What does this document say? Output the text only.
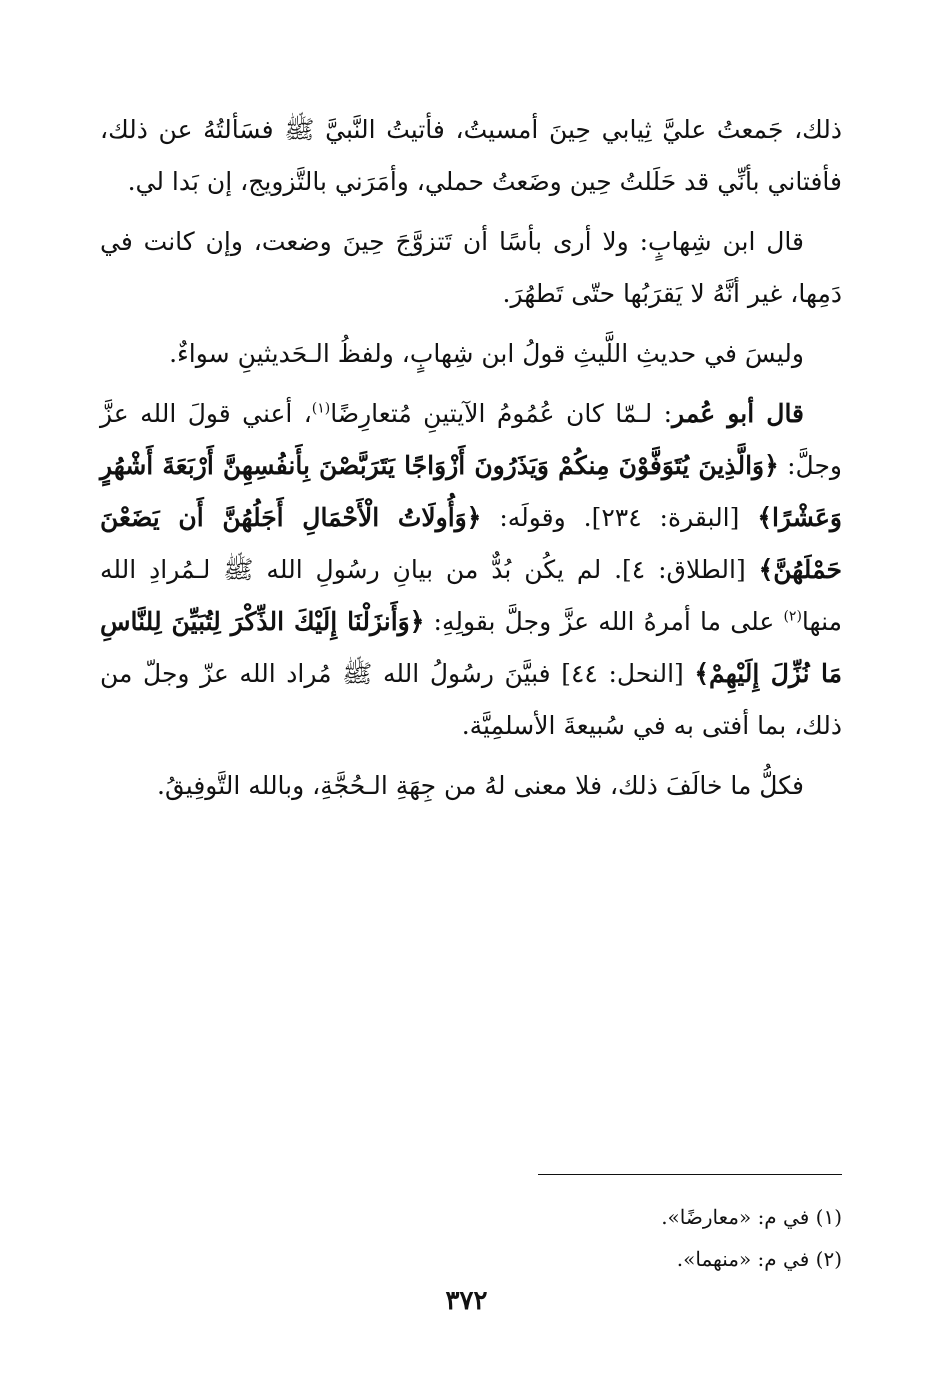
ذلك، جَمعتُ عليَّ ثِيابي حِينَ أمسيتُ، فأتيتُ النَّبيَّ ﷺ فسَألتُهُ عن ذلك، فأفتاني بأنِّي قد حَلَلتُ حِين وضَعتُ حملي، وأمَرَني بالتَّزويج، إن بَدا لي.

قال ابن شِهابٍ: ولا أرى بأسًا أن تَتزوَّجَ حِينَ وضعت، وإن كانت في دَمِها، غير أنَّهُ لا يَقرَبُها حتّى تَطهُرَ.

وليسَ في حديثِ اللَّيثِ قولُ ابن شِهابٍ، ولفظُ الـحَديثينِ سواءٌ.

قال أبو عُمر: لـمّا كان عُمُومُ الآيتينِ مُتعارِضًا$^{(١)}$، أعني قولَ الله عزَّ وجلَّ: ﴿وَالَّذِينَ يُتَوَفَّوْنَ مِنكُمْ وَيَذَرُونَ أَزْوَاجًا يَتَرَبَّصْنَ بِأَنفُسِهِنَّ أَرْبَعَةَ أَشْهُرٍ وَعَشْرًا﴾ [البقرة: ٢٣٤]. وقولَه: ﴿وَأُولَاتُ الْأَحْمَالِ أَجَلُهُنَّ أَن يَضَعْنَ حَمْلَهُنَّ﴾ [الطلاق: ٤]. لم يكُن بُدٌّ من بيانِ رسُولِ الله ﷺ لـمُرادِ الله منها$^{(٢)}$ على ما أمرهُ الله عزَّ وجلَّ بقولِهِ: ﴿وَأَنزَلْنَا إِلَيْكَ الذِّكْرَ لِتُبَيِّنَ لِلنَّاسِ مَا نُزِّلَ إِلَيْهِمْ﴾ [النحل: ٤٤] فبيَّنَ رسُولُ الله ﷺ مُراد الله عزّ وجلّ من ذلك، بما أفتى به في سُبيعةَ الأسلمِيَّة.

فكلُّ ما خالَفَ ذلك، فلا معنى لهُ من جِهَةِ الـحُجَّةِ، وبالله التَّوفِيقُ.

(١) في م: «معارضًا».

(٢) في م: «منهما».

٣٧٢
